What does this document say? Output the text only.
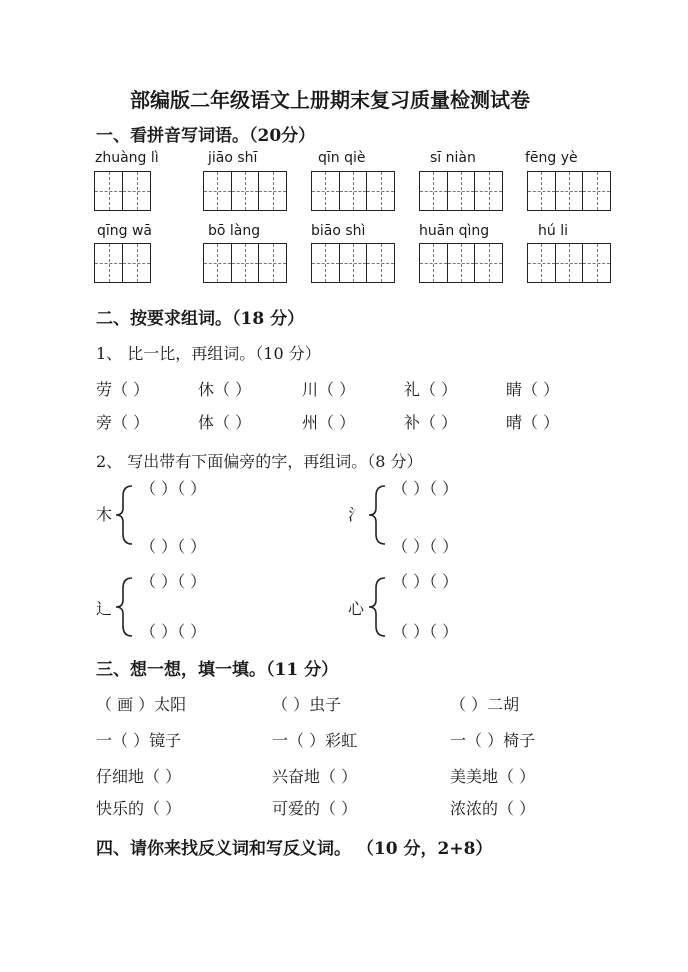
部编版二年级语文上册期末复习质量检测试卷
一、看拼音写词语。（20分）
zhuàng lì	jiāo shī	qīn qiè	sī niàn	fēng yè
qīng wā	bō làng	biāo shì	huān qìng	hú li
二、按要求组词。（18 分）
1、 比一比，再组词。（10 分）
劳（ ）	休（ ）	川（ ）	礼（ ）	睛（ ）
旁（ ）	体（ ）	州（ ）	补（ ）	晴（ ）
2、 写出带有下面偏旁的字，再组词。（8 分）
木
（ ）（ ）
（ ）（ ）
氵
（ ）（ ）
（ ）（ ）
辶
（ ）（ ）
（ ）（ ）
心
（ ）（ ）
（ ）（ ）
三、想一想，填一填。（11 分）
（ 画 ）太阳	（ ）虫子	（ ）二胡
一（ ）镜子	一（ ）彩虹	一（ ）椅子
仔细地（ ）	兴奋地（ ）	美美地（ ）
快乐的（ ）	可爱的（ ）	浓浓的（ ）
四、请你来找反义词和写反义词。 （10 分，2+8）
